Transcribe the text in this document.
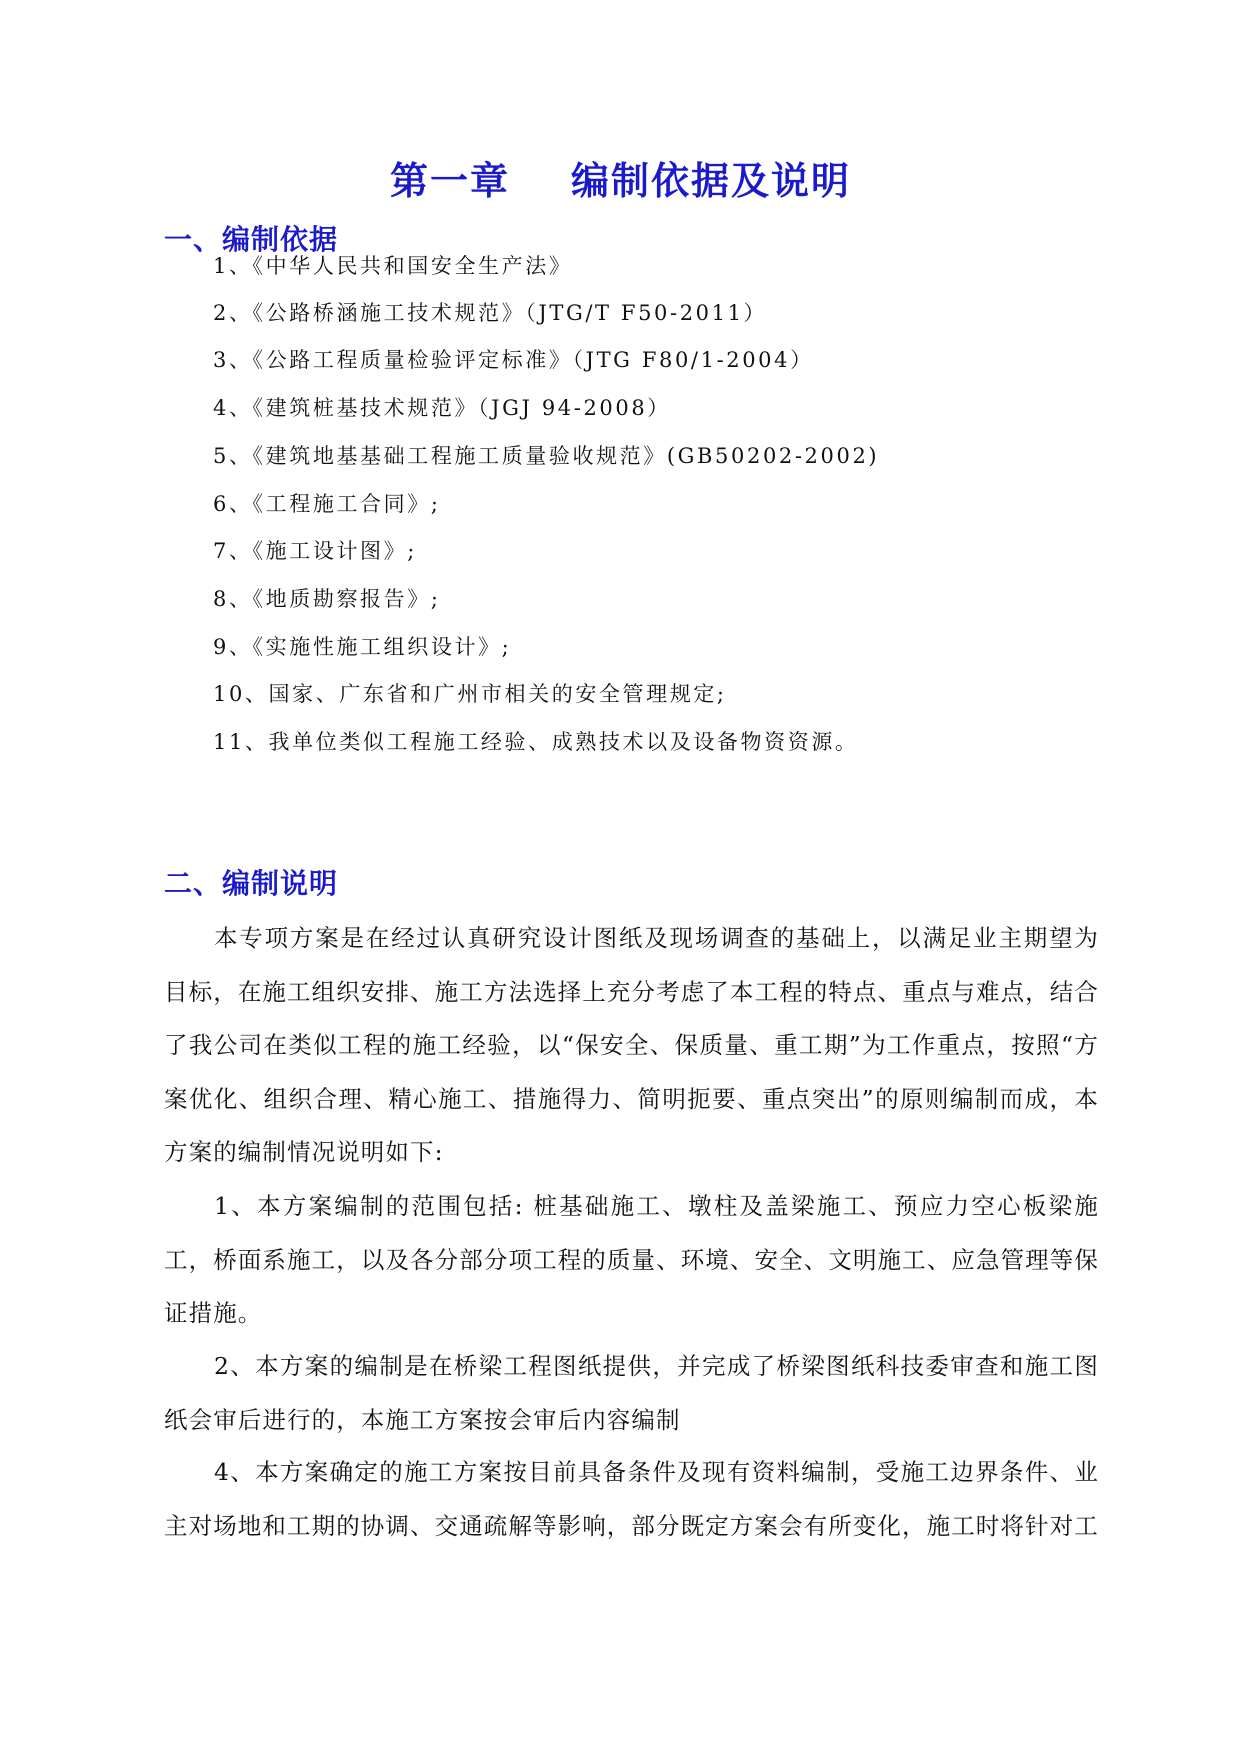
第一章    编制依据及说明
一、编制依据
1、《中华人民共和国安全生产法》
2、《公路桥涵施工技术规范》（JTG/T F50-2011）
3、《公路工程质量检验评定标准》（JTG F80/1-2004）
4、《建筑桩基技术规范》（JGJ 94-2008）
5、《建筑地基基础工程施工质量验收规范》(GB50202-2002)
6、《工程施工合同》;
7、《施工设计图》;
8、《地质勘察报告》;
9、《实施性施工组织设计》;
10、国家、广东省和广州市相关的安全管理规定;
11、我单位类似工程施工经验、成熟技术以及设备物资资源。
二、编制说明

本专项方案是在经过认真研究设计图纸及现场调查的基础上，以满足业主期望为目标，在施工组织安排、施工方法选择上充分考虑了本工程的特点、重点与难点，结合了我公司在类似工程的施工经验，以“保安全、保质量、重工期”为工作重点，按照“方案优化、组织合理、精心施工、措施得力、简明扼要、重点突出”的原则编制而成，本方案的编制情况说明如下:

1、本方案编制的范围包括: 桩基础施工、墩柱及盖梁施工、预应力空心板梁施工，桥面系施工，以及各分部分项工程的质量、环境、安全、文明施工、应急管理等保证措施。

2、本方案的编制是在桥梁工程图纸提供，并完成了桥梁图纸科技委审查和施工图纸会审后进行的，本施工方案按会审后内容编制

4、本方案确定的施工方案按目前具备条件及现有资料编制，受施工边界条件、业主对场地和工期的协调、交通疏解等影响，部分既定方案会有所变化，施工时将针对工
